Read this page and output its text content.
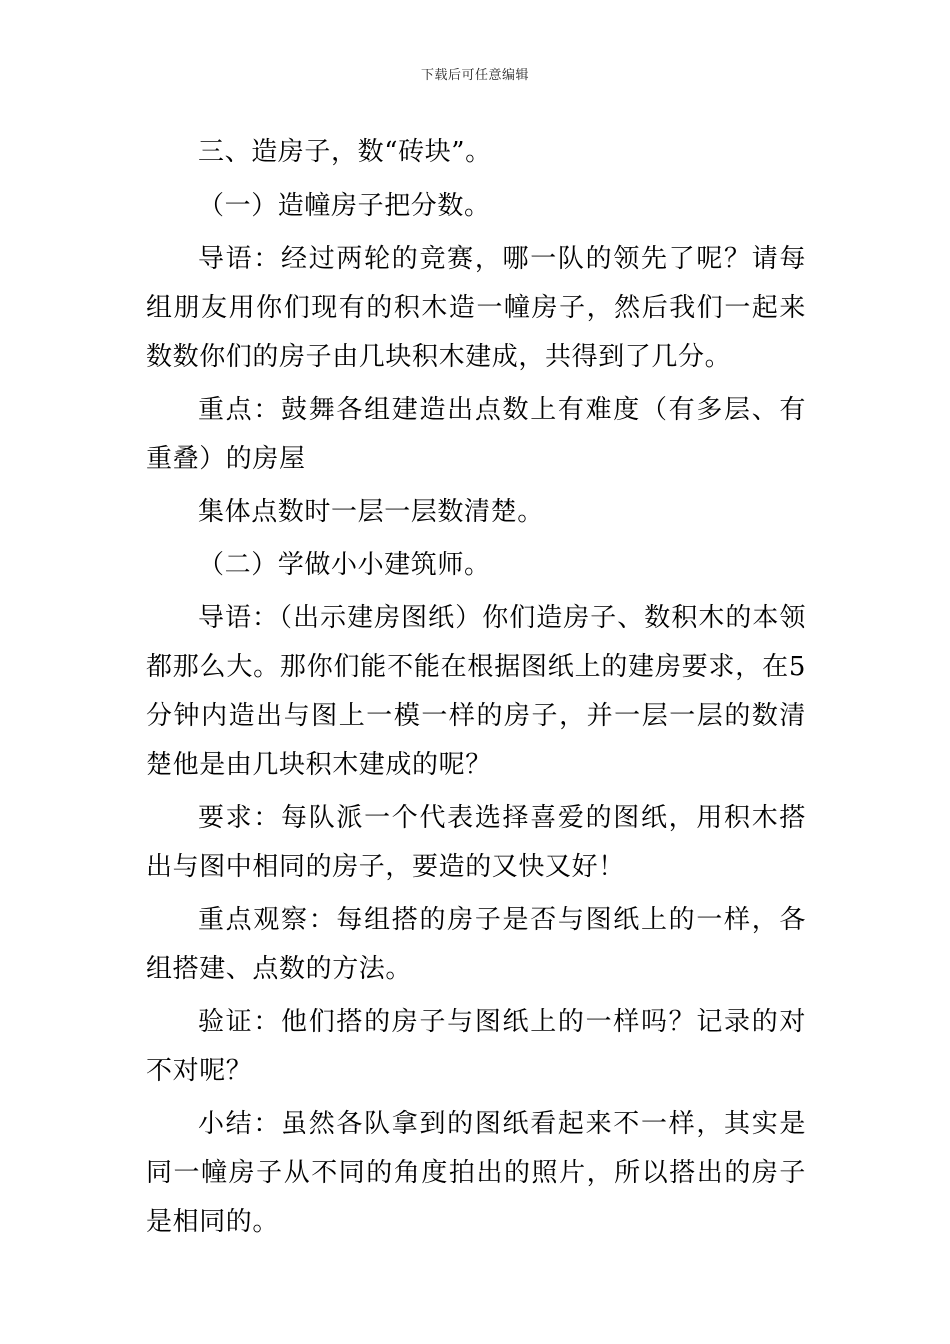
下载后可任意编辑

三、造房子，数“砖块”。

（一）造幢房子把分数。

导语：经过两轮的竞赛，哪一队的领先了呢？请每组朋友用你们现有的积木造一幢房子，然后我们一起来数数你们的房子由几块积木建成，共得到了几分。

重点：鼓舞各组建造出点数上有难度（有多层、有重叠）的房屋

集体点数时一层一层数清楚。

（二）学做小小建筑师。

导语：（出示建房图纸）你们造房子、数积木的本领都那么大。那你们能不能在根据图纸上的建房要求，在5分钟内造出与图上一模一样的房子，并一层一层的数清楚他是由几块积木建成的呢？

要求：每队派一个代表选择喜爱的图纸，用积木搭出与图中相同的房子，要造的又快又好！

重点观察：每组搭的房子是否与图纸上的一样，各组搭建、点数的方法。

验证：他们搭的房子与图纸上的一样吗？记录的对不对呢？

小结：虽然各队拿到的图纸看起来不一样，其实是同一幢房子从不同的角度拍出的照片，所以搭出的房子是相同的。
